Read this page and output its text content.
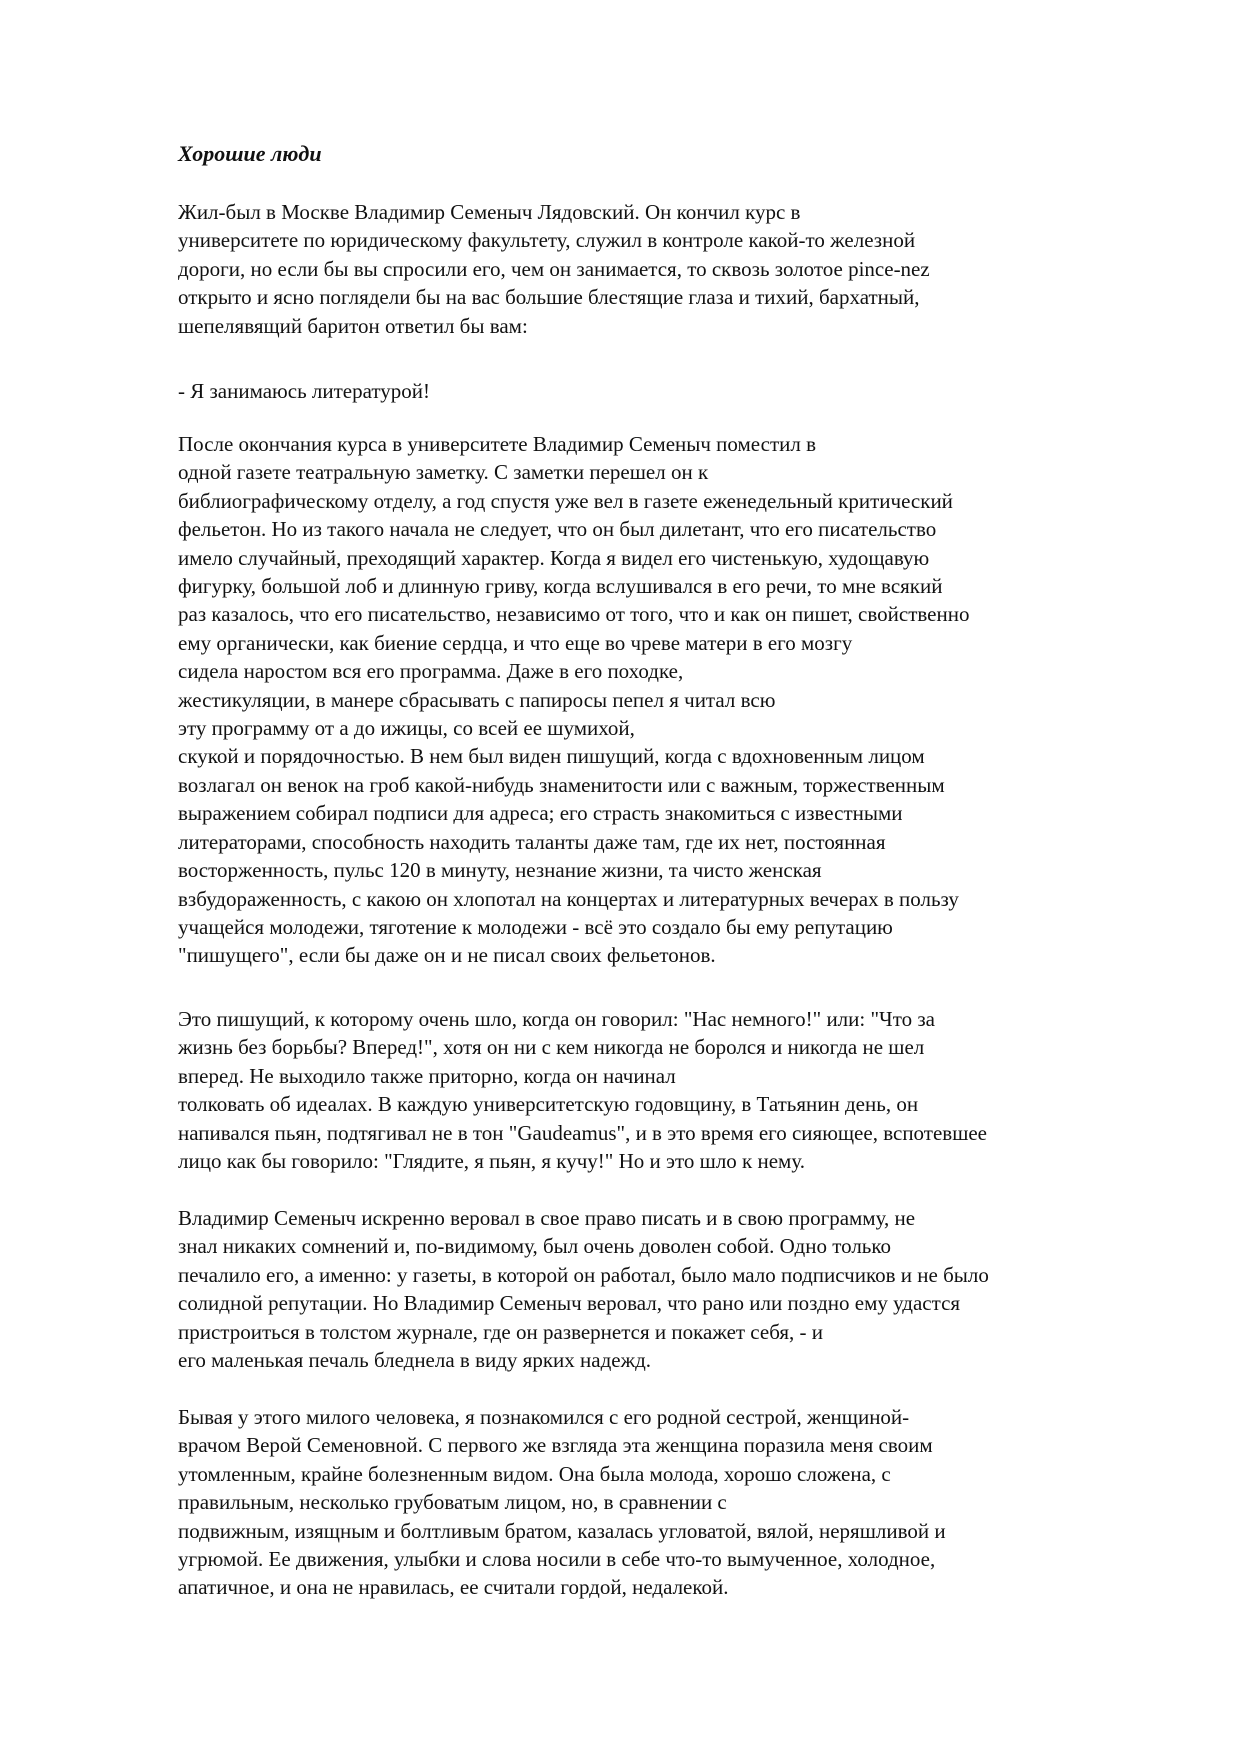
Хорошие люди

Жил-был в Москве Владимир Семеныч Лядовский. Он кончил курс в
университете по юридическому факультету, служил в контроле какой-то железной
дороги, но если бы вы спросили его, чем он занимается, то сквозь золотое pince-nez
открыто и ясно поглядели бы на вас большие блестящие глаза и тихий, бархатный,
шепелявящий баритон ответил бы вам:

- Я занимаюсь литературой!

После окончания курса в университете Владимир Семеныч поместил в
одной газете театральную заметку. С заметки перешел он к
библиографическому отделу, а год спустя уже вел в газете еженедельный критический
фельетон. Но из такого начала не следует, что он был дилетант, что его писательство
имело случайный, преходящий характер. Когда я видел его чистенькую, худощавую
фигурку, большой лоб и длинную гриву, когда вслушивался в его речи, то мне всякий
раз казалось, что его писательство, независимо от того, что и как он пишет, свойственно
ему органически, как биение сердца, и что еще во чреве матери в его мозгу
сидела наростом вся его программа. Даже в его походке,
жестикуляции, в манере сбрасывать с папиросы пепел я читал всю
эту программу от а до ижицы, со всей ее шумихой,
скукой и порядочностью. В нем был виден пишущий, когда с вдохновенным лицом
возлагал он венок на гроб какой-нибудь знаменитости или с важным, торжественным
выражением собирал подписи для адреса; его страсть знакомиться с известными
литераторами, способность находить таланты даже там, где их нет, постоянная
восторженность, пульс 120 в минуту, незнание жизни, та чисто женская
взбудораженность, с какою он хлопотал на концертах и литературных вечерах в пользу
учащейся молодежи, тяготение к молодежи - всё это создало бы ему репутацию
"пишущего", если бы даже он и не писал своих фельетонов.

Это пишущий, к которому очень шло, когда он говорил: "Нас немного!" или: "Что за
жизнь без борьбы? Вперед!", хотя он ни с кем никогда не боролся и никогда не шел
вперед. Не выходило также приторно, когда он начинал
толковать об идеалах. В каждую университетскую годовщину, в Татьянин день, он
напивался пьян, подтягивал не в тон "Gaudeamus", и в это время его сияющее, вспотевшее
лицо как бы говорило: "Глядите, я пьян, я кучу!" Но и это шло к нему.

Владимир Семеныч искренно веровал в свое право писать и в свою программу, не
знал никаких сомнений и, по-видимому, был очень доволен собой. Одно только
печалило его, а именно: у газеты, в которой он работал, было мало подписчиков и не было
солидной репутации. Но Владимир Семеныч веровал, что рано или поздно ему удастся
пристроиться в толстом журнале, где он развернется и покажет себя, - и
его маленькая печаль бледнела в виду ярких надежд.

Бывая у этого милого человека, я познакомился с его родной сестрой, женщиной-
врачом Верой Семеновной. С первого же взгляда эта женщина поразила меня своим
утомленным, крайне болезненным видом. Она была молода, хорошо сложена, с
правильным, несколько грубоватым лицом, но, в сравнении с
подвижным, изящным и болтливым братом, казалась угловатой, вялой, неряшливой и
угрюмой. Ее движения, улыбки и слова носили в себе что-то вымученное, холодное,
апатичное, и она не нравилась, ее считали гордой, недалекой.
